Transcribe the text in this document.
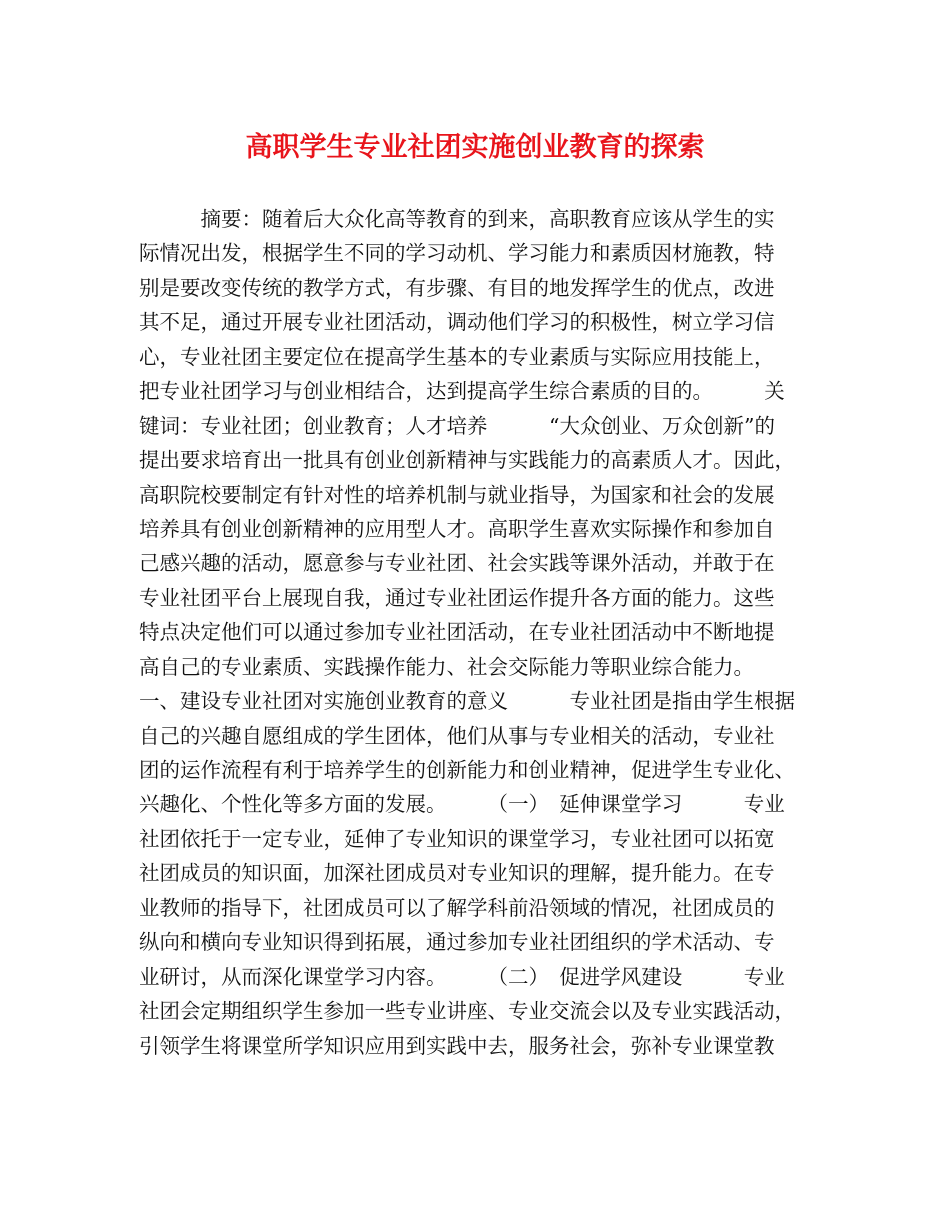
高职学生专业社团实施创业教育的探索
　　　摘要：随着后大众化高等教育的到来，高职教育应该从学生的实
际情况出发，根据学生不同的学习动机、学习能力和素质因材施教，特
别是要改变传统的教学方式，有步骤、有目的地发挥学生的优点，改进
其不足，通过开展专业社团活动，调动他们学习的积极性，树立学习信
心，专业社团主要定位在提高学生基本的专业素质与实际应用技能上，
把专业社团学习与创业相结合，达到提高学生综合素质的目的。　　　关
键词：专业社团；创业教育；人才培养　　　“大众创业、万众创新”的
提出要求培育出一批具有创业创新精神与实践能力的高素质人才。因此，
高职院校要制定有针对性的培养机制与就业指导，为国家和社会的发展
培养具有创业创新精神的应用型人才。高职学生喜欢实际操作和参加自
己感兴趣的活动，愿意参与专业社团、社会实践等课外活动，并敢于在
专业社团平台上展现自我，通过专业社团运作提升各方面的能力。这些
特点决定他们可以通过参加专业社团活动，在专业社团活动中不断地提
高自己的专业素质、实践操作能力、社会交际能力等职业综合能力。
一、建设专业社团对实施创业教育的意义　　　专业社团是指由学生根据
自己的兴趣自愿组成的学生团体，他们从事与专业相关的活动，专业社
团的运作流程有利于培养学生的创新能力和创业精神，促进学生专业化、
兴趣化、个性化等多方面的发展。　　　（一）　延伸课堂学习　　　专业
社团依托于一定专业，延伸了专业知识的课堂学习，专业社团可以拓宽
社团成员的知识面，加深社团成员对专业知识的理解，提升能力。在专
业教师的指导下，社团成员可以了解学科前沿领域的情况，社团成员的
纵向和横向专业知识得到拓展，通过参加专业社团组织的学术活动、专
业研讨，从而深化课堂学习内容。　　　（二）　促进学风建设　　　专业
社团会定期组织学生参加一些专业讲座、专业交流会以及专业实践活动，
引领学生将课堂所学知识应用到实践中去，服务社会，弥补专业课堂教
